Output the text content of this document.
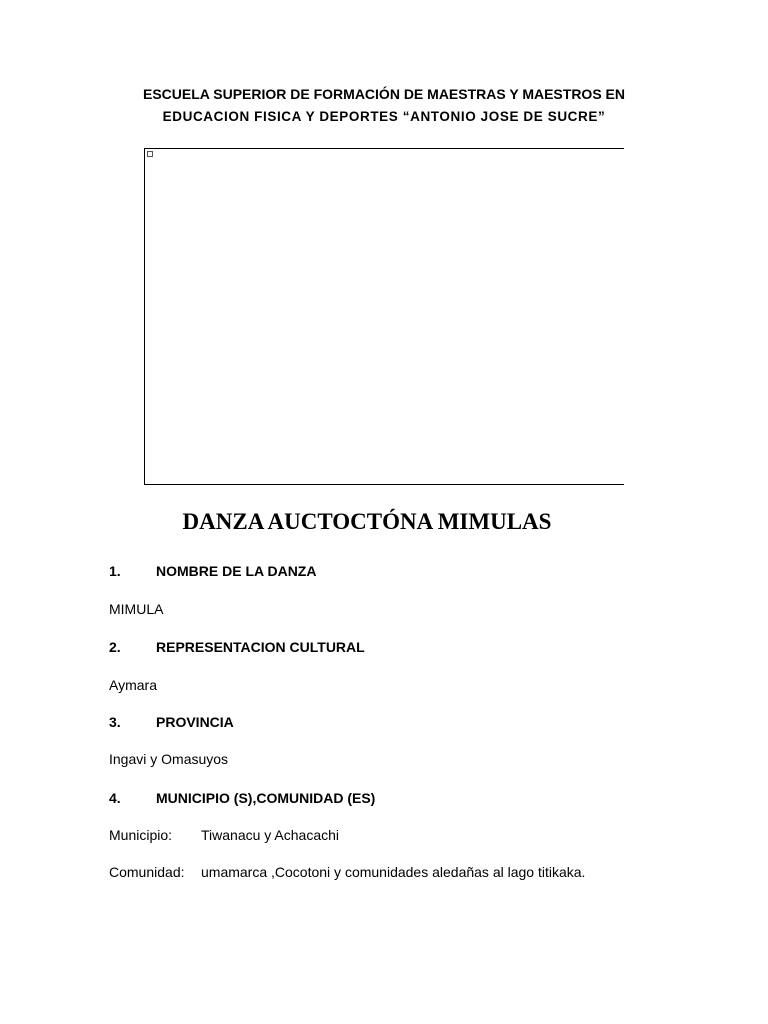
ESCUELA SUPERIOR DE FORMACIÓN DE MAESTRAS Y MAESTROS EN
EDUCACION FISICA Y DEPORTES “ANTONIO JOSE DE SUCRE”
DANZA AUCTOCTÓNA MIMULAS
1.	NOMBRE DE LA DANZA
MIMULA
2.	REPRESENTACION CULTURAL
Aymara
3.	PROVINCIA
Ingavi y Omasuyos
4.	MUNICIPIO (S),COMUNIDAD (ES)
Municipio: Tiwanacu y Achacachi
Comunidad: umamarca ,Cocotoni y comunidades aledañas al lago titikaka.
